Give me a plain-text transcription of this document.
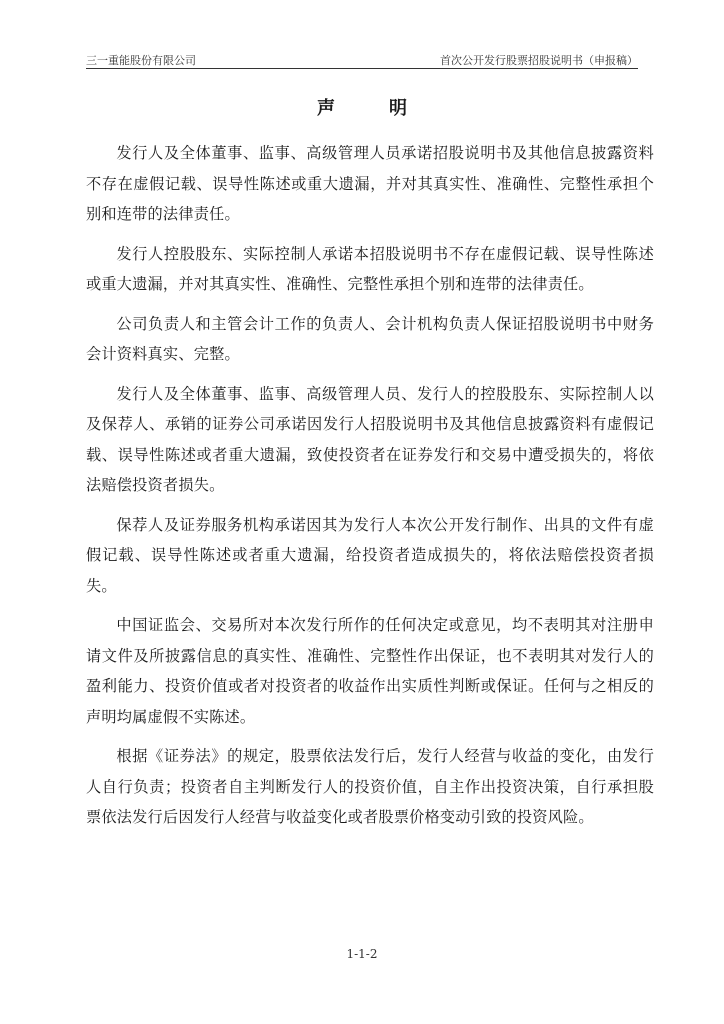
三一重能股份有限公司	首次公开发行股票招股说明书（申报稿）
声　明

发行人及全体董事、监事、高级管理人员承诺招股说明书及其他信息披露资料不存在虚假记载、误导性陈述或重大遗漏，并对其真实性、准确性、完整性承担个别和连带的法律责任。

发行人控股股东、实际控制人承诺本招股说明书不存在虚假记载、误导性陈述或重大遗漏，并对其真实性、准确性、完整性承担个别和连带的法律责任。

公司负责人和主管会计工作的负责人、会计机构负责人保证招股说明书中财务会计资料真实、完整。

发行人及全体董事、监事、高级管理人员、发行人的控股股东、实际控制人以及保荐人、承销的证券公司承诺因发行人招股说明书及其他信息披露资料有虚假记载、误导性陈述或者重大遗漏，致使投资者在证券发行和交易中遭受损失的，将依法赔偿投资者损失。

保荐人及证券服务机构承诺因其为发行人本次公开发行制作、出具的文件有虚假记载、误导性陈述或者重大遗漏，给投资者造成损失的，将依法赔偿投资者损失。

中国证监会、交易所对本次发行所作的任何决定或意见，均不表明其对注册申请文件及所披露信息的真实性、准确性、完整性作出保证，也不表明其对发行人的盈利能力、投资价值或者对投资者的收益作出实质性判断或保证。任何与之相反的声明均属虚假不实陈述。

根据《证券法》的规定，股票依法发行后，发行人经营与收益的变化，由发行人自行负责；投资者自主判断发行人的投资价值，自主作出投资决策，自行承担股票依法发行后因发行人经营与收益变化或者股票价格变动引致的投资风险。

1-1-2
